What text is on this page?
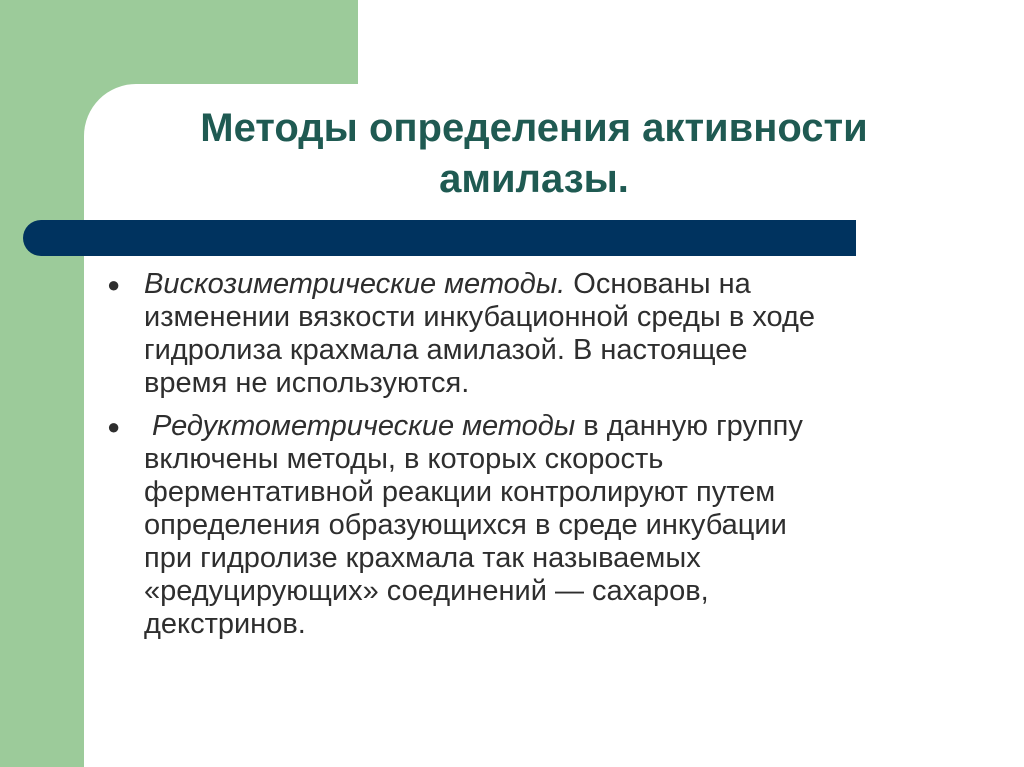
Методы определения активности
амилазы.
● Вискозиметрические методы. Основаны на
изменении вязкости инкубационной среды в ходе
гидролиза крахмала амилазой. В настоящее
время не используются.
● Редуктометрические методы в данную группу
включены методы, в которых скорость
ферментативной реакции контролируют путем
определения образующихся в среде инкубации
при гидролизе крахмала так называемых
«редуцирующих» соединений — сахаров,
декстринов.
